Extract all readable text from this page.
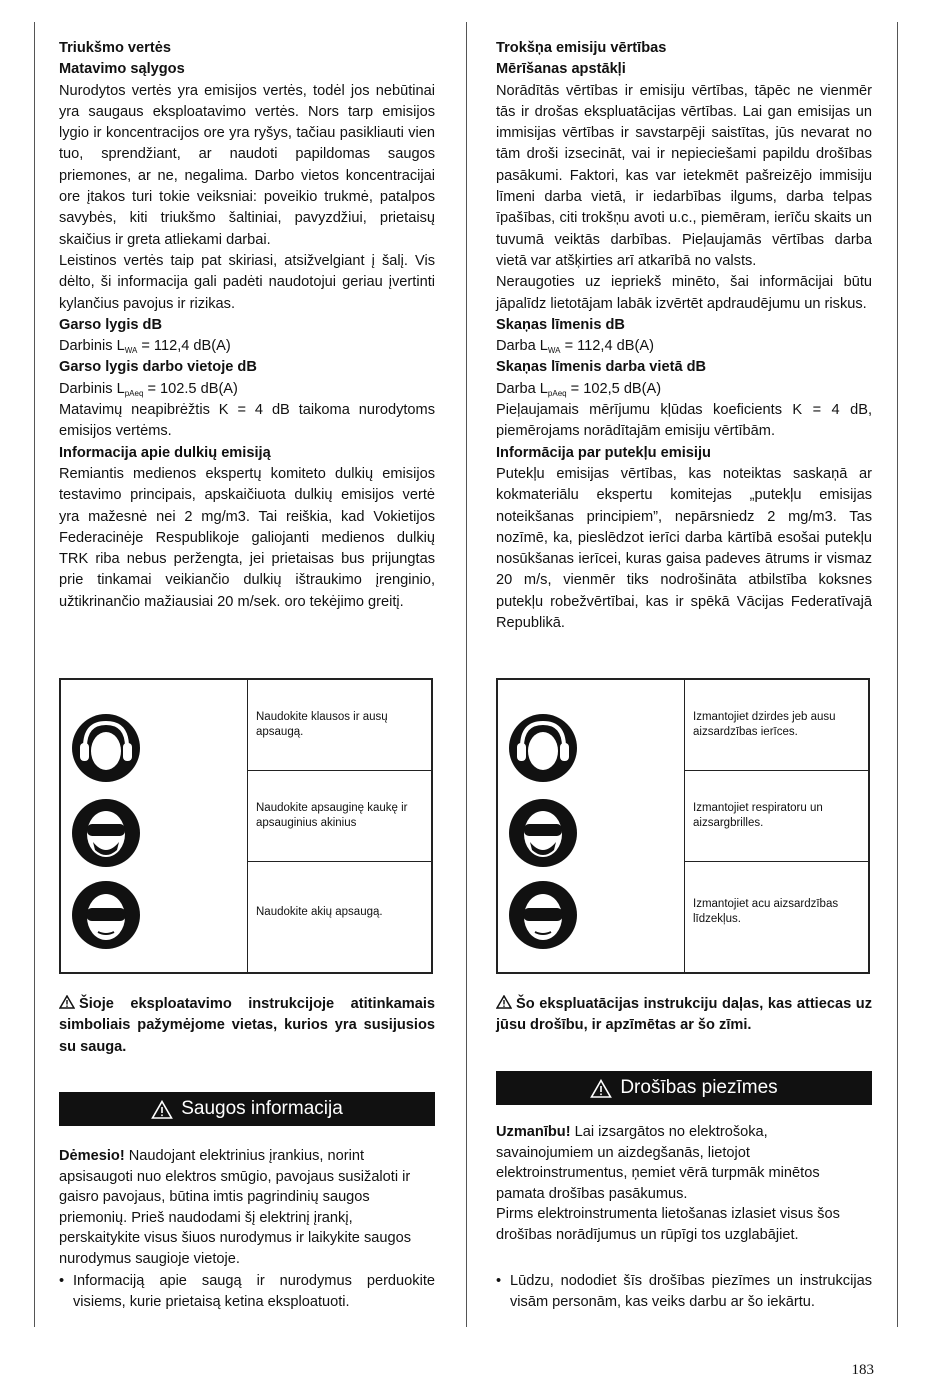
Triukšmo vertės

Matavimo sąlygos

Nurodytos vertės yra emisijos vertės, todėl jos nebūtinai yra saugaus eksploatavimo vertės. Nors tarp emisijos lygio ir koncentracijos ore yra ryšys, tačiau pasikliauti vien tuo, sprendžiant, ar naudoti papildomas saugos priemones, ar ne, negalima. Darbo vietos koncentracijai ore įtakos turi tokie veiksniai: poveikio trukmė, patalpos savybės, kiti triukšmo šaltiniai, pavyzdžiui, prietaisų skaičius ir greta atliekami darbai.

Leistinos vertės taip pat skiriasi, atsižvelgiant į šalį. Vis dėlto, ši informacija gali padėti naudotojui geriau įvertinti kylančius pavojus ir rizikas.

Garso lygis dB

Darbinis $L_{WA} = 112,4$ dB(A)

Garso lygis darbo vietoje dB

Darbinis $L_{pAeq} = 102.5$ dB(A)

Matavimų neapibrėžtis K = 4 dB taikoma nurodytoms emisijos vertėms.

Informacija apie dulkių emisiją

Remiantis medienos ekspertų komiteto dulkių emisijos testavimo principais, apskaičiuota dulkių emisijos vertė yra mažesnė nei 2 mg/m3. Tai reiškia, kad Vokietijos Federacinėje Respublikoje galiojanti medienos dulkių TRK riba nebus peržengta, jei prietaisas bus prijungtas prie tinkamai veikiančio dulkių ištraukimo įrenginio, užtikrinančio mažiausiai 20 m/sek. oro tekėjimo greitį.

Trokšņa emisiju vērtības

Mērīšanas apstākļi

Norādītās vērtības ir emisiju vērtības, tāpēc ne vienmēr tās ir drošas ekspluatācijas vērtības. Lai gan emisijas un immisijas vērtības ir savstarpēji saistītas, jūs nevarat no tām droši izsecināt, vai ir nepieciešami papildu drošības pasākumi. Faktori, kas var ietekmēt pašreizējo immisiju līmeni darba vietā, ir iedarbības ilgums, darba telpas īpašības, citi trokšņu avoti u.c., piemēram, ierīču skaits un tuvumā veiktās darbības. Pieļaujamās vērtības darba vietā var atšķirties arī atkarībā no valsts.

Neraugoties uz iepriekš minēto, šai informācijai būtu jāpalīdz lietotājam labāk izvērtēt apdraudējumu un riskus.

Skaņas līmenis dB

Darba $L_{WA} = 112,4$ dB(A)

Skaņas līmenis darba vietā dB

Darba $L_{pAeq} = 102,5$ dB(A)

Pieļaujamais mērījumu kļūdas koeficients K = 4 dB, piemērojams norādītajām emisiju vērtībām.

Informācija par putekļu emisiju

Putekļu emisijas vērtības, kas noteiktas saskaņā ar kokmateriālu ekspertu komitejas „putekļu emisijas noteikšanas principiem”, nepārsniedz 2 mg/m3. Tas nozīmē, ka, pieslēdzot ierīci darba kārtībā esošai putekļu nosūkšanas ierīcei, kuras gaisa padeves ātrums ir vismaz 20 m/s, vienmēr tiks nodrošināta atbilstība koksnes putekļu robežvērtībai, kas ir spēkā Vācijas Federatīvajā Republikā.

Naudokite klausos ir ausų apsaugą.
Naudokite apsauginę kaukę ir apsauginius akinius
Naudokite akių apsaugą.
Izmantojiet dzirdes jeb ausu aizsardzības ierīces.
Izmantojiet respiratoru un aizsargbrilles.
Izmantojiet acu aizsardzības līdzekļus.
Šioje eksploatavimo instrukcijoje atitinkamais simboliais pažymėjome vietas, kurios yra susijusios su sauga.
Šo ekspluatācijas instrukciju daļas, kas attiecas uz jūsu drošību, ir apzīmētas ar šo zīmi.
Saugos informacija
Drošības piezīmes

Dėmesio! Naudojant elektrinius įrankius, norint apsisaugoti nuo elektros smūgio, pavojaus susižaloti ir gaisro pavojaus, būtina imtis pagrindinių saugos priemonių. Prieš naudodami šį elektrinį įrankį, perskaitykite visus šiuos nurodymus ir laikykite saugos nurodymus saugioje vietoje.

Uzmanību! Lai izsargātos no elektrošoka, savainojumiem un aizdegšanās, lietojot elektroinstrumentus, ņemiet vērā turpmāk minētos pamata drošības pasākumus.

Pirms elektroinstrumenta lietošanas izlasiet visus šos drošības norādījumus un rūpīgi tos uzglabājiet.

• Informaciją apie saugą ir nurodymus perduokite visiems, kurie prietaisą ketina eksploatuoti.
• Lūdzu, nododiet šīs drošības piezīmes un instrukcijas visām personām, kas veiks darbu ar šo iekārtu.
183
